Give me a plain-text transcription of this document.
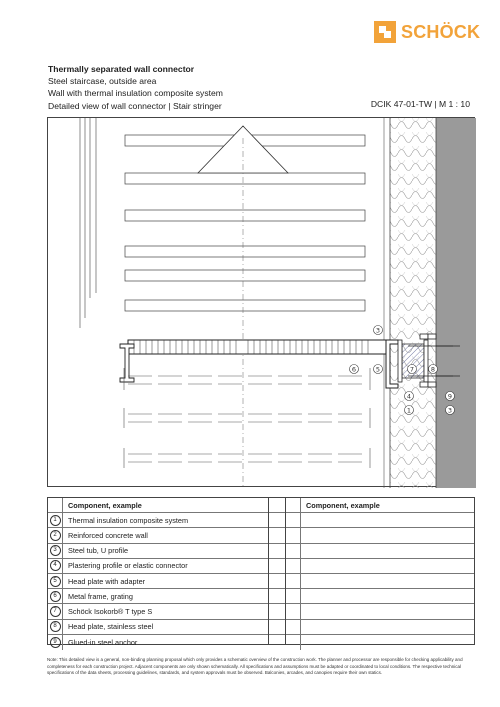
SCHÖCK
Thermally separated wall connector
Steel staircase, outside area
Wall with thermal insulation composite system
Detailed view of wall connector | Stair stringer	DCIK 47-01-TW | M 1 : 10
3
6	5	7	8
4	9
1	3
Component, example
1	Thermal insulation composite system
2	Reinforced concrete wall
3	Steel tub, U profile
4	Plastering profile or elastic connector
5	Head plate with adapter
6	Metal frame, grating
7	Schöck Isokorb® T type S
8	Head plate, stainless steel
9	Glued-in steel anchor
Component, example
Note: This detailed view is a general, non-binding planning proposal which only provides a schematic overview of the construction work. The planner and processor are responsible for checking applicability and completeness for each construction project. Adjacent components are only shown schematically. All specifications and assumptions must be adapted or coordinated to local conditions. The respective technical specifications of the data sheets, processing guidelines, standards, and system approvals must be observed. Balconies, arcades, and canopies require their own statics.
